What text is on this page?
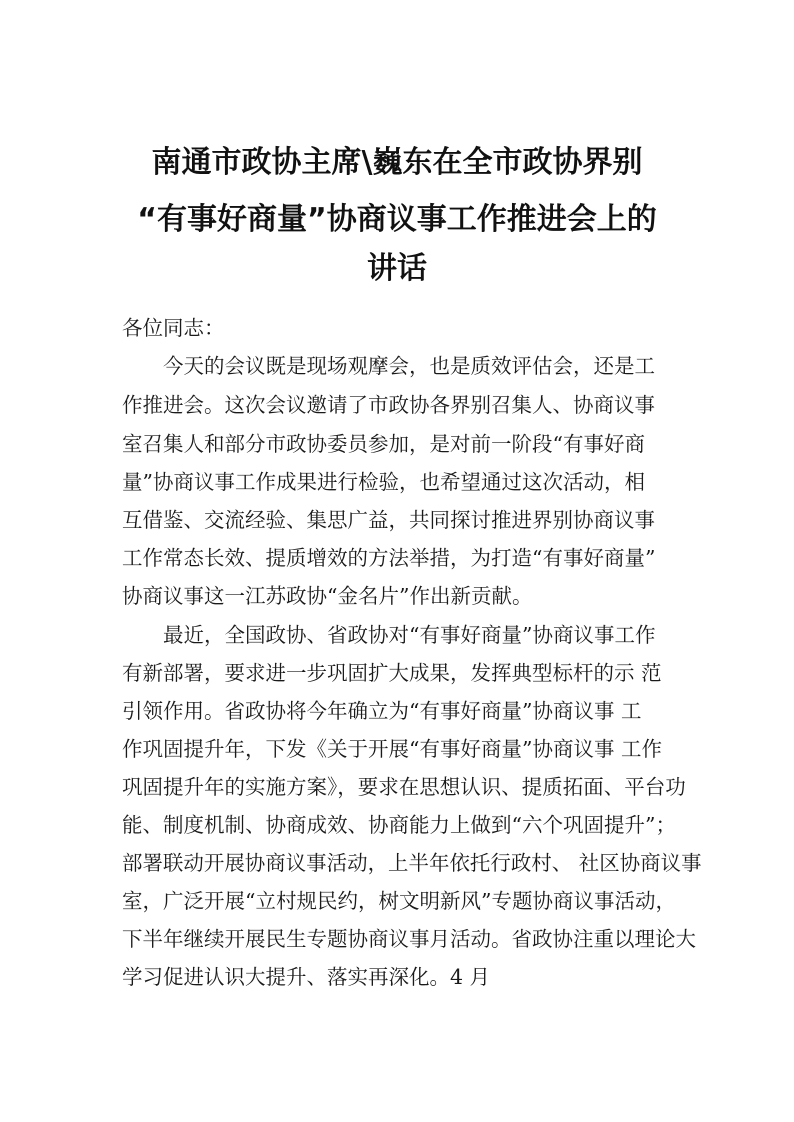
南通市政协主席\巍东在全市政协界别
“有事好商量”协商议事工作推进会上的
讲话

各位同志：

今天的会议既是现场观摩会，也是质效评估会，还是工

作推进会。这次会议邀请了市政协各界别召集人、协商议事

室召集人和部分市政协委员参加，是对前一阶段“有事好商

量”协商议事工作成果进行检验，也希望通过这次活动，相

互借鉴、交流经验、集思广益，共同探讨推进界别协商议事

工作常态长效、提质增效的方法举措，为打造“有事好商量”

协商议事这一江苏政协“金名片”作出新贡献。

最近，全国政协、省政协对“有事好商量”协商议事工作

有新部署，要求进一步巩固扩大成果，发挥典型标杆的示 范

引领作用。省政协将今年确立为“有事好商量”协商议事 工

作巩固提升年，下发《关于开展“有事好商量”协商议事 工作

巩固提升年的实施方案》，要求在思想认识、提质拓面、平台功

能、制度机制、协商成效、协商能力上做到“六个巩固提升”；

部署联动开展协商议事活动，上半年依托行政村、 社区协商议事

室，广泛开展“立村规民约，树文明新风”专题协商议事活动，

下半年继续开展民生专题协商议事月活动。省政协注重以理论大

学习促进认识大提升、落实再深化。4 月
